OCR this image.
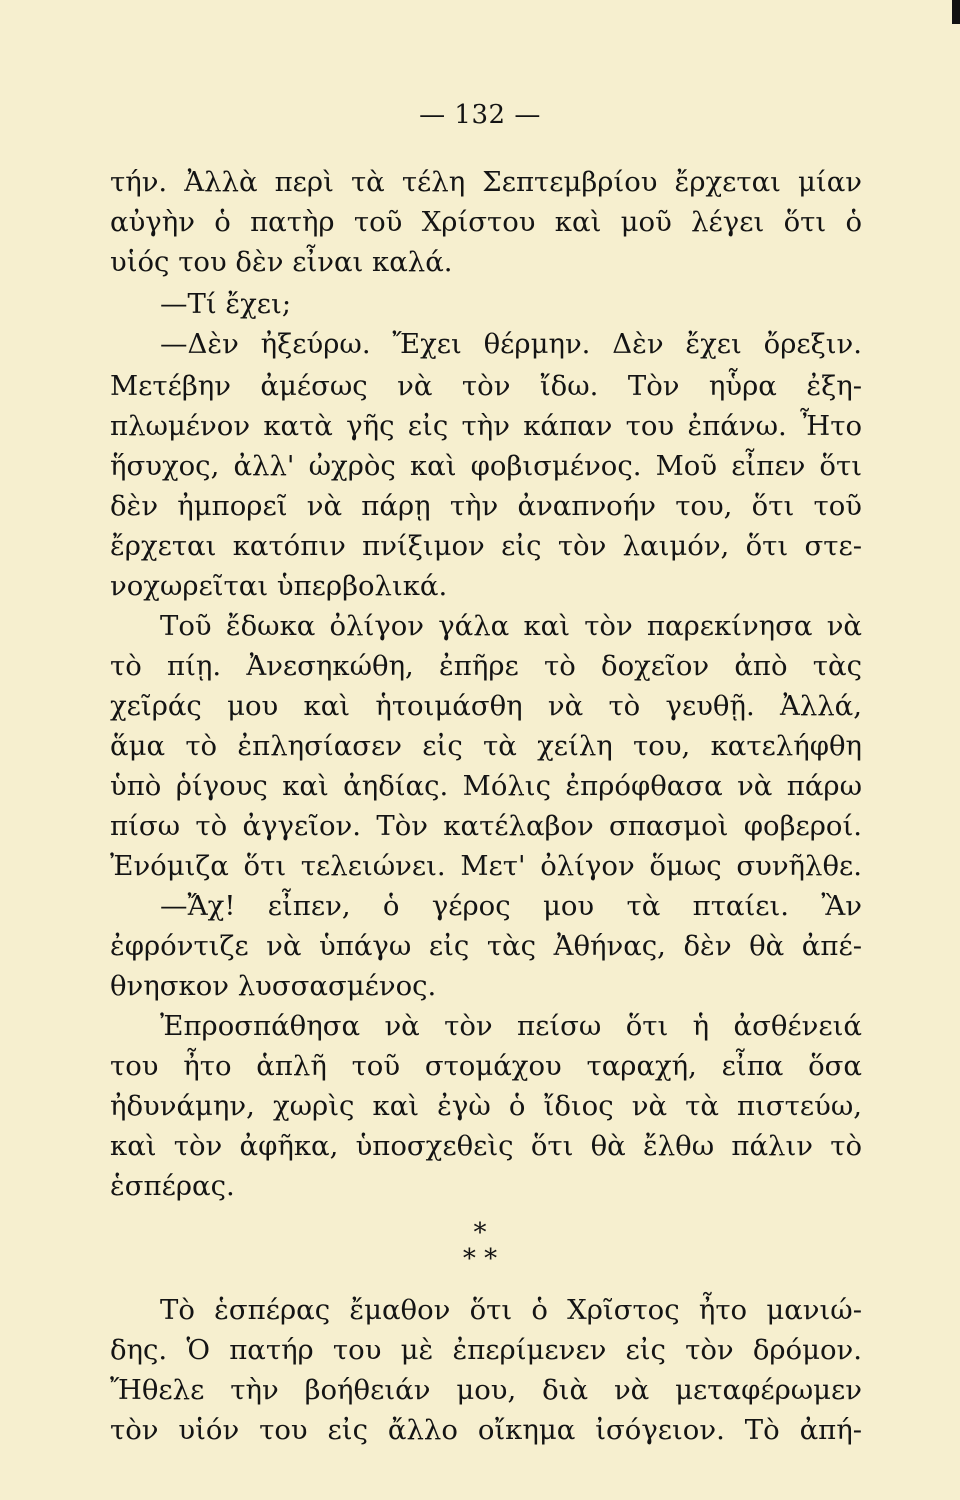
— 132 —
τήν. Ἀλλὰ περὶ τὰ τέλη Σεπτεμβρίου ἔρχεται μίαν
αὐγὴν ὁ πατὴρ τοῦ Χρίστου καὶ μοῦ λέγει ὅτι ὁ
υἱός του δὲν εἶναι καλά.
—Τί ἔχει;
—Δὲν ἠξεύρω. Ἔχει θέρμην. Δὲν ἔχει ὄρεξιν.
Μετέβην ἀμέσως νὰ τὸν ἴδω. Τὸν ηὗρα ἐξη-
πλωμένον κατὰ γῆς εἰς τὴν κάπαν του ἐπάνω. Ἦτο
ἥσυχος, ἀλλ' ὠχρὸς καὶ φοβισμένος. Μοῦ εἶπεν ὅτι
δὲν ἠμπορεῖ νὰ πάρῃ τὴν ἀναπνοήν του, ὅτι τοῦ
ἔρχεται κατόπιν πνίξιμον εἰς τὸν λαιμόν, ὅτι στε-
νοχωρεῖται ὑπερβολικά.
Τοῦ ἔδωκα ὀλίγον γάλα καὶ τὸν παρεκίνησα νὰ
τὸ πίῃ. Ἀνεσηκώθη, ἐπῆρε τὸ δοχεῖον ἀπὸ τὰς
χεῖράς μου καὶ ἡτοιμάσθη νὰ τὸ γευθῇ. Ἀλλά,
ἅμα τὸ ἐπλησίασεν εἰς τὰ χείλη του, κατελήφθη
ὑπὸ ῥίγους καὶ ἀηδίας. Μόλις ἐπρόφθασα νὰ πάρω
πίσω τὸ ἀγγεῖον. Τὸν κατέλαβον σπασμοὶ φοβεροί.
Ἐνόμιζα ὅτι τελειώνει. Μετ' ὀλίγον ὅμως συνῆλθε.
—Ἄχ! εἶπεν, ὁ γέρος μου τὰ πταίει. Ἂν
ἐφρόντιζε νὰ ὑπάγω εἰς τὰς Ἀθήνας, δὲν θὰ ἀπέ-
θνησκον λυσσασμένος.
Ἐπροσπάθησα νὰ τὸν πείσω ὅτι ἡ ἀσθένειά
του ἦτο ἁπλῆ τοῦ στομάχου ταραχή, εἶπα ὅσα
ἠδυνάμην, χωρὶς καὶ ἐγὼ ὁ ἴδιος νὰ τὰ πιστεύω,
καὶ τὸν ἀφῆκα, ὑποσχεθεὶς ὅτι θὰ ἔλθω πάλιν τὸ
ἑσπέρας.
*
* *
Τὸ ἑσπέρας ἔμαθον ὅτι ὁ Χρῖστος ἦτο μανιώ-
δης. Ὁ πατήρ του μὲ ἐπερίμενεν εἰς τὸν δρόμον.
Ἤθελε τὴν βοήθειάν μου, διὰ νὰ μεταφέρωμεν
τὸν υἱόν του εἰς ἄλλο οἴκημα ἰσόγειον. Τὸ ἀπή-
